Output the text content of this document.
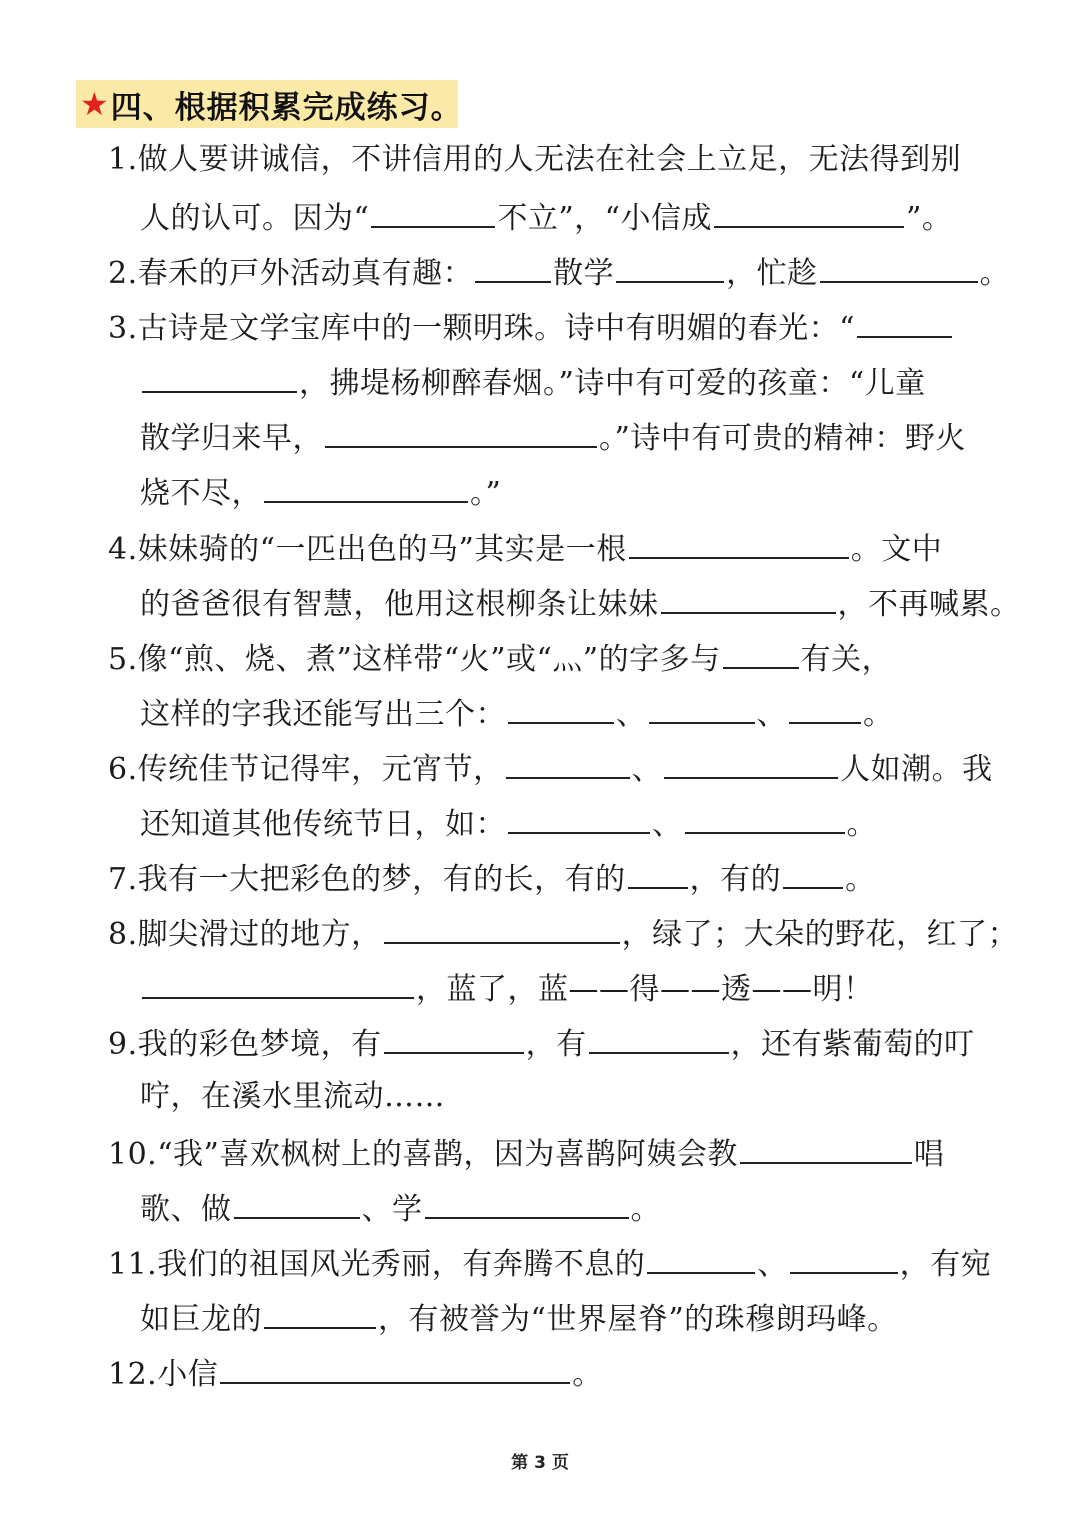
★ 四、根据积累完成练习。
1.做人要讲诚信，不讲信用的人无法在社会上立足，无法得到别
人的认可。因为“	不立”，“小信成	”。
2.春禾的戸外活动真有趣：	散学	，忙趁	。
3.古诗是文学宝库中的一颗明珠。诗中有明媚的春光：“
，拂堤杨柳醉春烟。”诗中有可爱的孩童：“儿童
散学归来早，	。”诗中有可贵的精神：野火
烧不尽，	。”
4.妹妹骑的“一匹出色的马”其实是一根	。文中
的爸爸很有智慧，他用这根柳条让妹妹	，不再喊累。
5.像“煎、烧、煮”这样带“火”或“灬”的字多与	有关，
这样的字我还能写出三个：	、	、	。
6.传统佳节记得牢，元宵节，	、	人如潮。我
还知道其他传统节日，如：	、	。
7.我有一大把彩色的梦，有的长，有的 ，有的 。
8.脚尖滑过的地方，	，绿了；大朵的野花，红了；
，蓝了，蓝——得——透——明！
9.我的彩色梦境，有	，有	，还有紫葡萄的叮
咛，在溪水里流动……
10.“我”喜欢枫树上的喜鹊，因为喜鹊阿姨会教	唱
歌、做	、学	。
11.我们的祖国风光秀丽，有奔腾不息的	、	，有宛
如巨龙的	，有被誉为“世界屋脊”的珠穆朗玛峰。
12.小信	。
第 3 页
